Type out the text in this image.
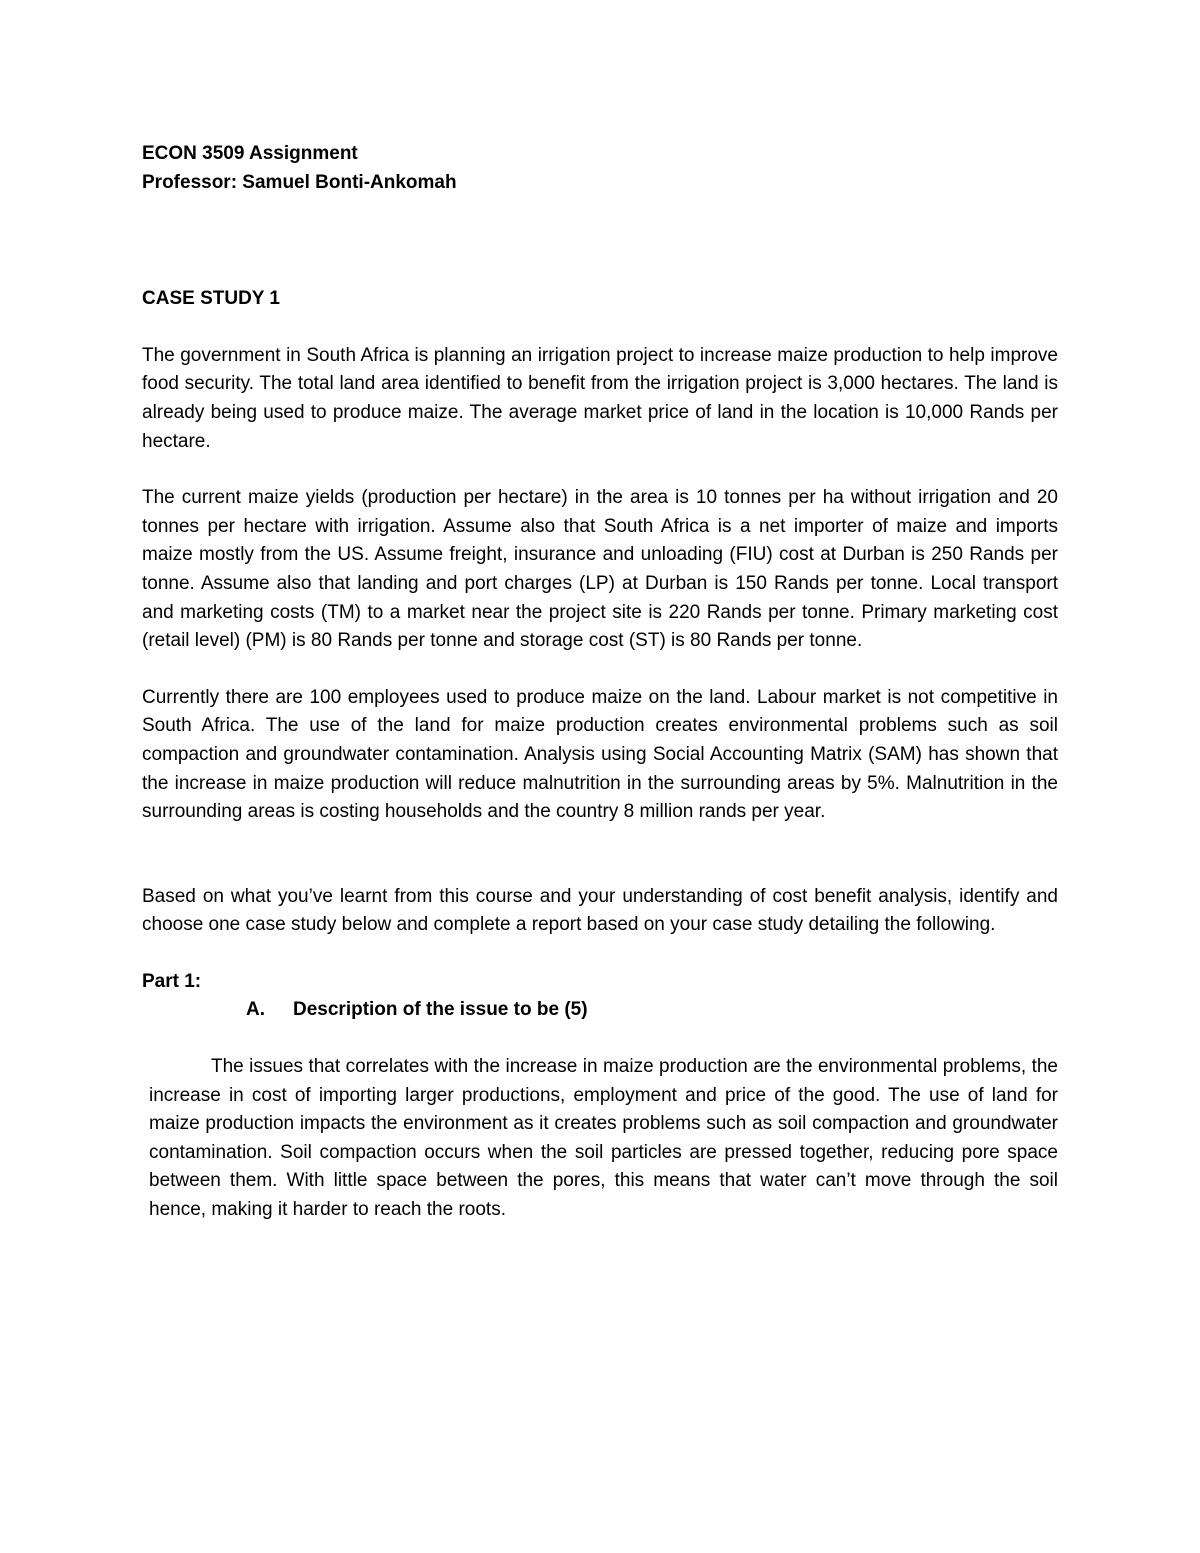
ECON 3509 Assignment
Professor: Samuel Bonti-Ankomah

CASE STUDY 1

The government in South Africa is planning an irrigation project to increase maize production to help improve food security. The total land area identified to benefit from the irrigation project is 3,000 hectares. The land is already being used to produce maize. The average market price of land in the location is 10,000 Rands per hectare.

The current maize yields (production per hectare) in the area is 10 tonnes per ha without irrigation and 20 tonnes per hectare with irrigation. Assume also that South Africa is a net importer of maize and imports maize mostly from the US. Assume freight, insurance and unloading (FIU) cost at Durban is 250 Rands per tonne. Assume also that landing and port charges (LP) at Durban is 150 Rands per tonne. Local transport and marketing costs (TM) to a market near the project site is 220 Rands per tonne. Primary marketing cost (retail level) (PM) is 80 Rands per tonne and storage cost (ST) is 80 Rands per tonne.

Currently there are 100 employees used to produce maize on the land. Labour market is not competitive in South Africa. The use of the land for maize production creates environmental problems such as soil compaction and groundwater contamination. Analysis using Social Accounting Matrix (SAM) has shown that the increase in maize production will reduce malnutrition in the surrounding areas by 5%. Malnutrition in the surrounding areas is costing households and the country 8 million rands per year.

Based on what you’ve learnt from this course and your understanding of cost benefit analysis, identify and choose one case study below and complete a report based on your case study detailing the following.

Part 1:

A. Description of the issue to be (5)

The issues that correlates with the increase in maize production are the environmental problems, the increase in cost of importing larger productions, employment and price of the good. The use of land for maize production impacts the environment as it creates problems such as soil compaction and groundwater contamination. Soil compaction occurs when the soil particles are pressed together, reducing pore space between them. With little space between the pores, this means that water can’t move through the soil hence, making it harder to reach the roots.
